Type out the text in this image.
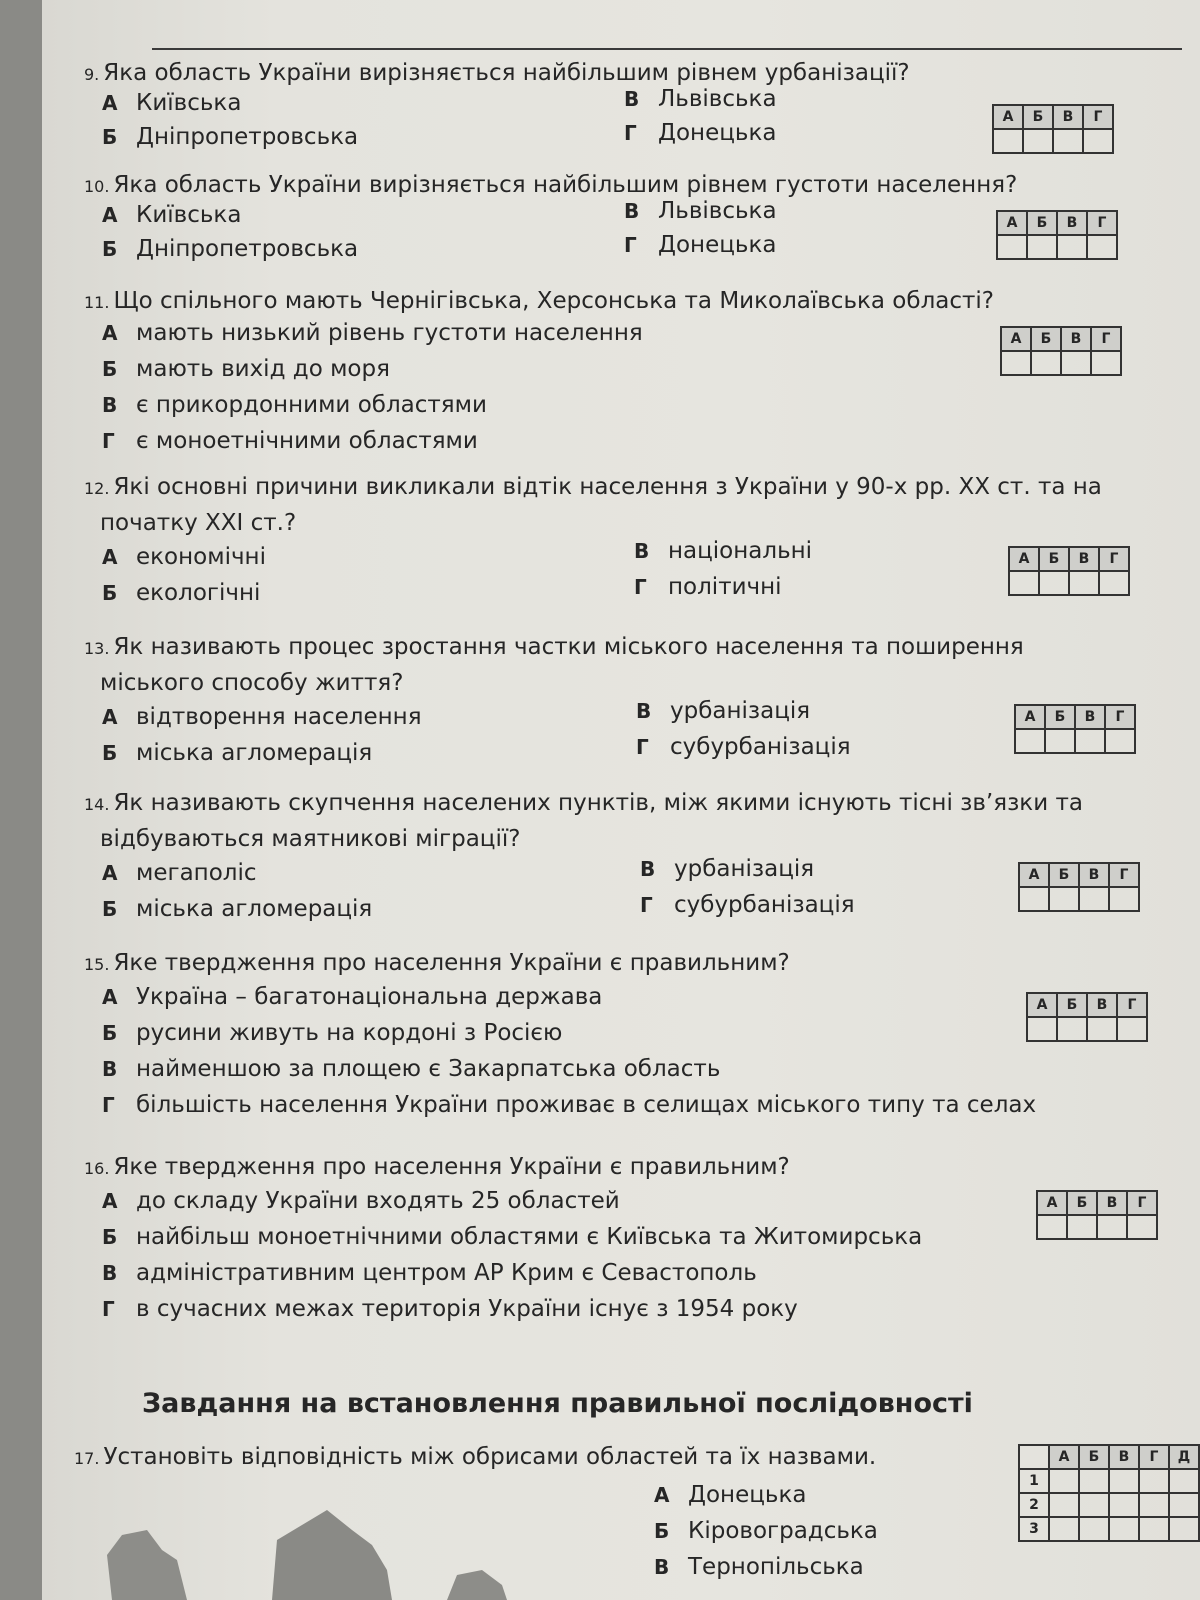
9. Яка область України вирізняється найбільшим рівнем урбанізації?
А Київська
Б Дніпропетровська
В Львівська
Г Донецька
А	Б	В	Г

10. Яка область України вирізняється найбільшим рівнем густоти населення?
А Київська
Б Дніпропетровська
В Львівська
Г Донецька
А	Б	В	Г

11. Що спільного мають Чернігівська, Херсонська та Миколаївська області?
А мають низький рівень густоти населення
Б мають вихід до моря
В є прикордонними областями
Г є моноетнічними областями
А	Б	В	Г

12. Які основні причини викликали відтік населення з України у 90-х рр. ХХ ст. та на
початку ХХІ ст.?
А економічні
Б екологічні
В національні
Г політичні
А	Б	В	Г

13. Як називають процес зростання частки міського населення та поширення
міського способу життя?
А відтворення населення
Б міська агломерація
В урбанізація
Г субурбанізація
А	Б	В	Г

14. Як називають скупчення населених пунктів, між якими існують тісні зв’язки та
відбуваються маятникові міграції?
А мегаполіс
Б міська агломерація
В урбанізація
Г субурбанізація
А	Б	В	Г

15. Яке твердження про населення України є правильним?
А Україна – багатонаціональна держава
Б русини живуть на кордоні з Росією
В найменшою за площею є Закарпатська область
Г більшість населення України проживає в селищах міського типу та селах
А	Б	В	Г

16. Яке твердження про населення України є правильним?
А до складу України входять 25 областей
Б найбільш моноетнічними областями є Київська та Житомирська
В адміністративним центром АР Крим є Севастополь
Г в сучасних межах територія України існує з 1954 року
А	Б	В	Г

Завдання на встановлення правильної послідовності
17. Установіть відповідність між обрисами областей та їх назвами.
А Донецька
Б Кіровоградська
В Тернопільська
	А	Б	В	Г	Д
1					
2					
3					
